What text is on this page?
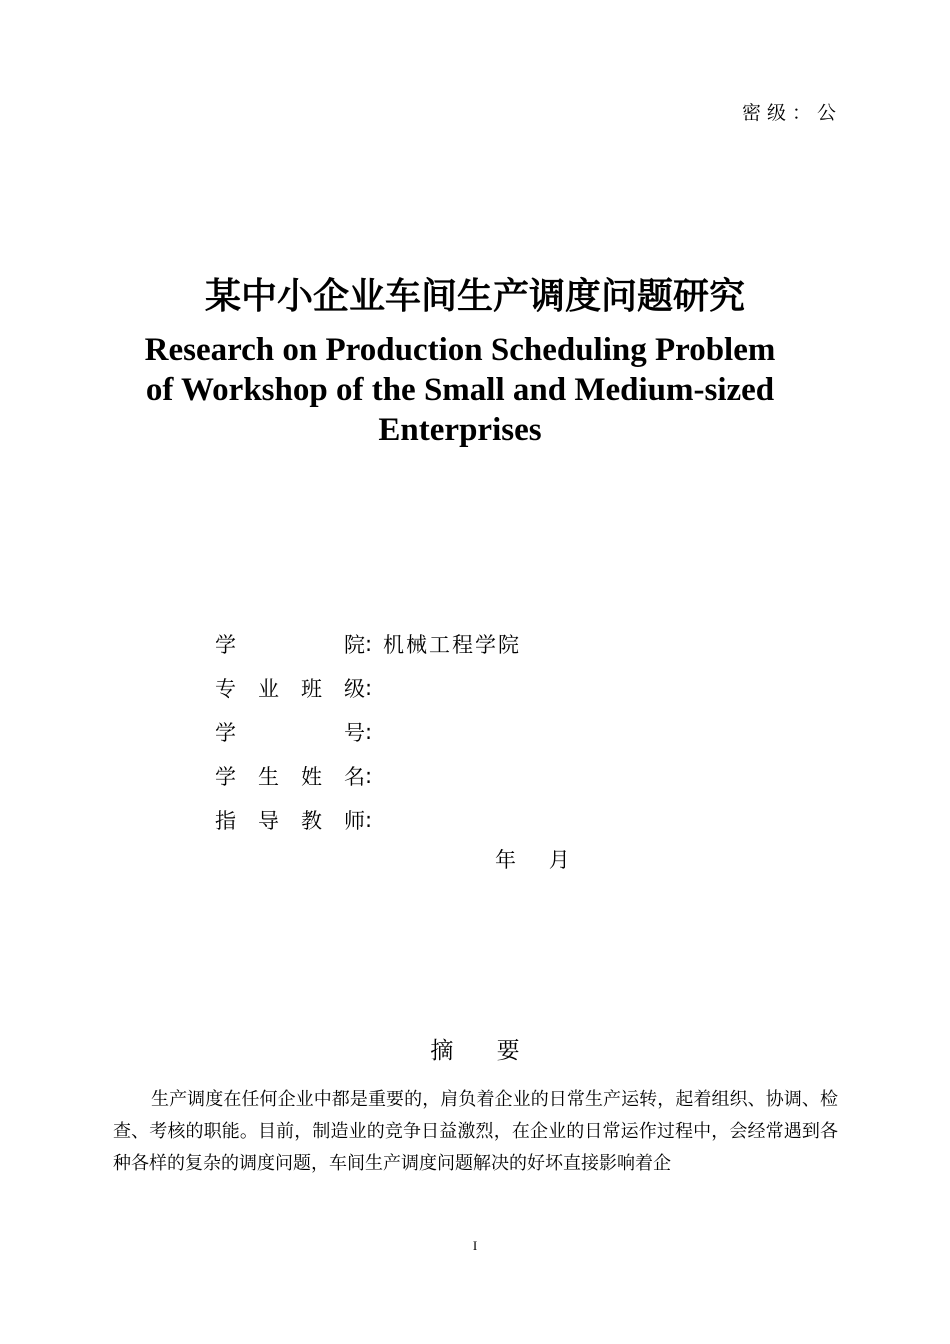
密级：公
某中小企业车间生产调度问题研究
Research on Production Scheduling Problem of Workshop of the Small and Medium-sized Enterprises
学	院 : 机械工程学院
专 业 班 级 :
学	号 :
学 生 姓 名 :
指 导 教 师 :
年 月
摘 要
生产调度在任何企业中都是重要的，肩负着企业的日常生产运转，起着组织、协调、检查、考核的职能。目前，制造业的竞争日益激烈，在企业的日常运作过程中，会经常遇到各种各样的复杂的调度问题，车间生产调度问题解决的好坏直接影响着企
I
